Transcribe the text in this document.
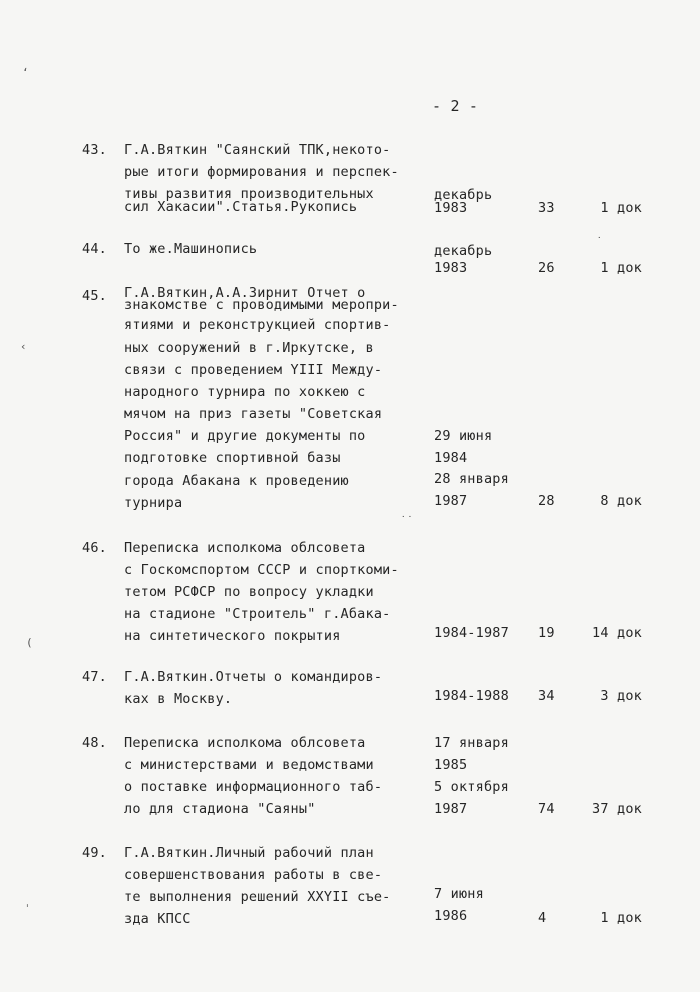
- 2 -
43. Г.А.Вяткин "Саянский ТПК,некото-
рые итоги формирования и перспек-
тивы развития производительных
сил Хакасии".Статья.Рукопись
декабрь
1983	33	1 док
44. То же.Машинопись	декабрь
1983	26	1 док
45. Г.А.Вяткин,А.А.Зирнит Отчет о
знакомстве с проводимыми меропри-
ятиями и реконструкцией спортив-
ных сооружений в г.Иркутске, в
связи с проведением YIII Между-
народного турнира по хоккею с
мячом на приз газеты "Советская
Россия" и другие документы по
подготовке спортивной базы
города Абакана к проведению
турнира
29 июня
1984
28 января
1987	28	8 док
46. Переписка исполкома облсовета
с Госкомспортом СССР и спорткоми-
тетом РСФСР по вопросу укладки
на стадионе "Строитель" г.Абака-
на синтетического покрытия	1984-1987 19	14 док
47. Г.А.Вяткин.Отчеты о командиров-
ках в Москву.	1984-1988 34	3 док
48. Переписка исполкома облсовета
с министерствами и ведомствами
о поставке информационного таб-
ло для стадиона "Саяны"
17 января
1985
5 октября
1987	74	37 док
49. Г.А.Вяткин.Личный рабочий план
совершенствования работы в све-
те выполнения решений XXYII съе-
зда КПСС
7 июня
1986	4	1 док
ʻ
‹
(
ˈ
˙˙
˙
